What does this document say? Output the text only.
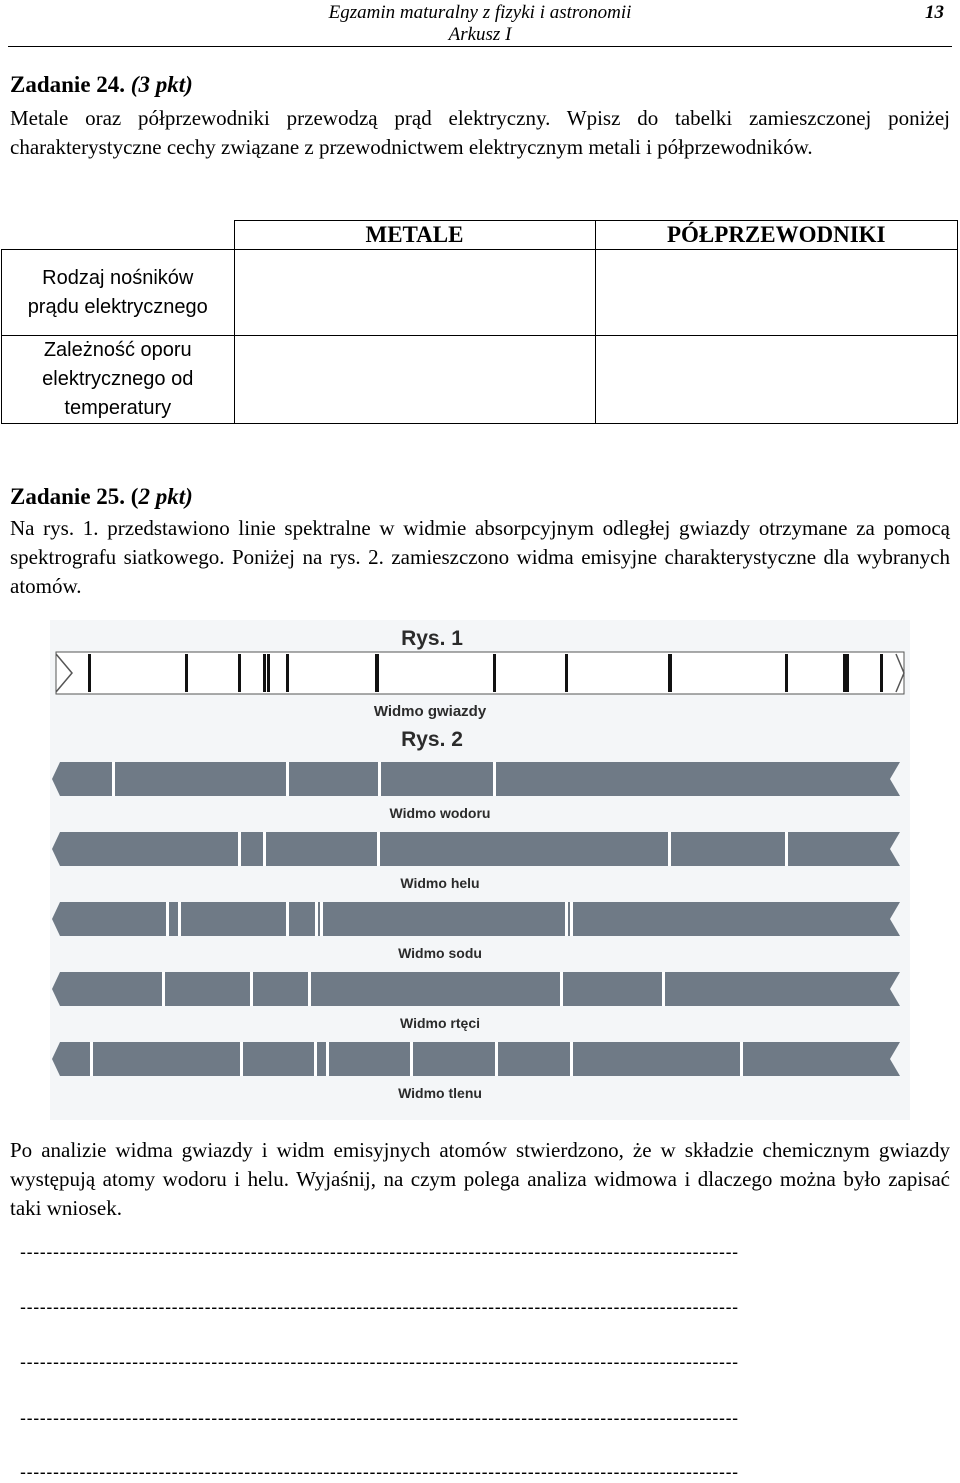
Egzamin maturalny z fizyki i astronomii
Arkusz I
13
Zadanie 24. (3 pkt)
Metale oraz półprzewodniki przewodzą prąd elektryczny. Wpisz do tabelki zamieszczonej poniżej charakterystyczne cechy związane z przewodnictwem elektrycznym metali i półprzewodników.
	METALE	PÓŁPRZEWODNIKI

Rodzaj nośników prądu elektrycznego		

Zależność oporu elektrycznego od temperatury		

Zadanie 25. (2 pkt)
Na rys. 1. przedstawiono linie spektralne w widmie absorpcyjnym odległej gwiazdy otrzymane za pomocą spektrografu siatkowego. Poniżej na rys. 2. zamieszczono widma emisyjne charakterystyczne dla wybranych atomów.
Rys. 1
Widmo gwiazdy
Rys. 2
Widmo wodoru
Widmo helu
Widmo sodu
Widmo rtęci
Widmo tlenu
Po analizie widma gwiazdy i widm emisyjnych atomów stwierdzono, że w składzie chemicznym gwiazdy występują atomy wodoru i helu. Wyjaśnij, na czym polega analiza widmowa i dlaczego można było zapisać taki wniosek.
-------------------------------------------------------------------------------------------------------------
-------------------------------------------------------------------------------------------------------------
-------------------------------------------------------------------------------------------------------------
-------------------------------------------------------------------------------------------------------------
-------------------------------------------------------------------------------------------------------------
